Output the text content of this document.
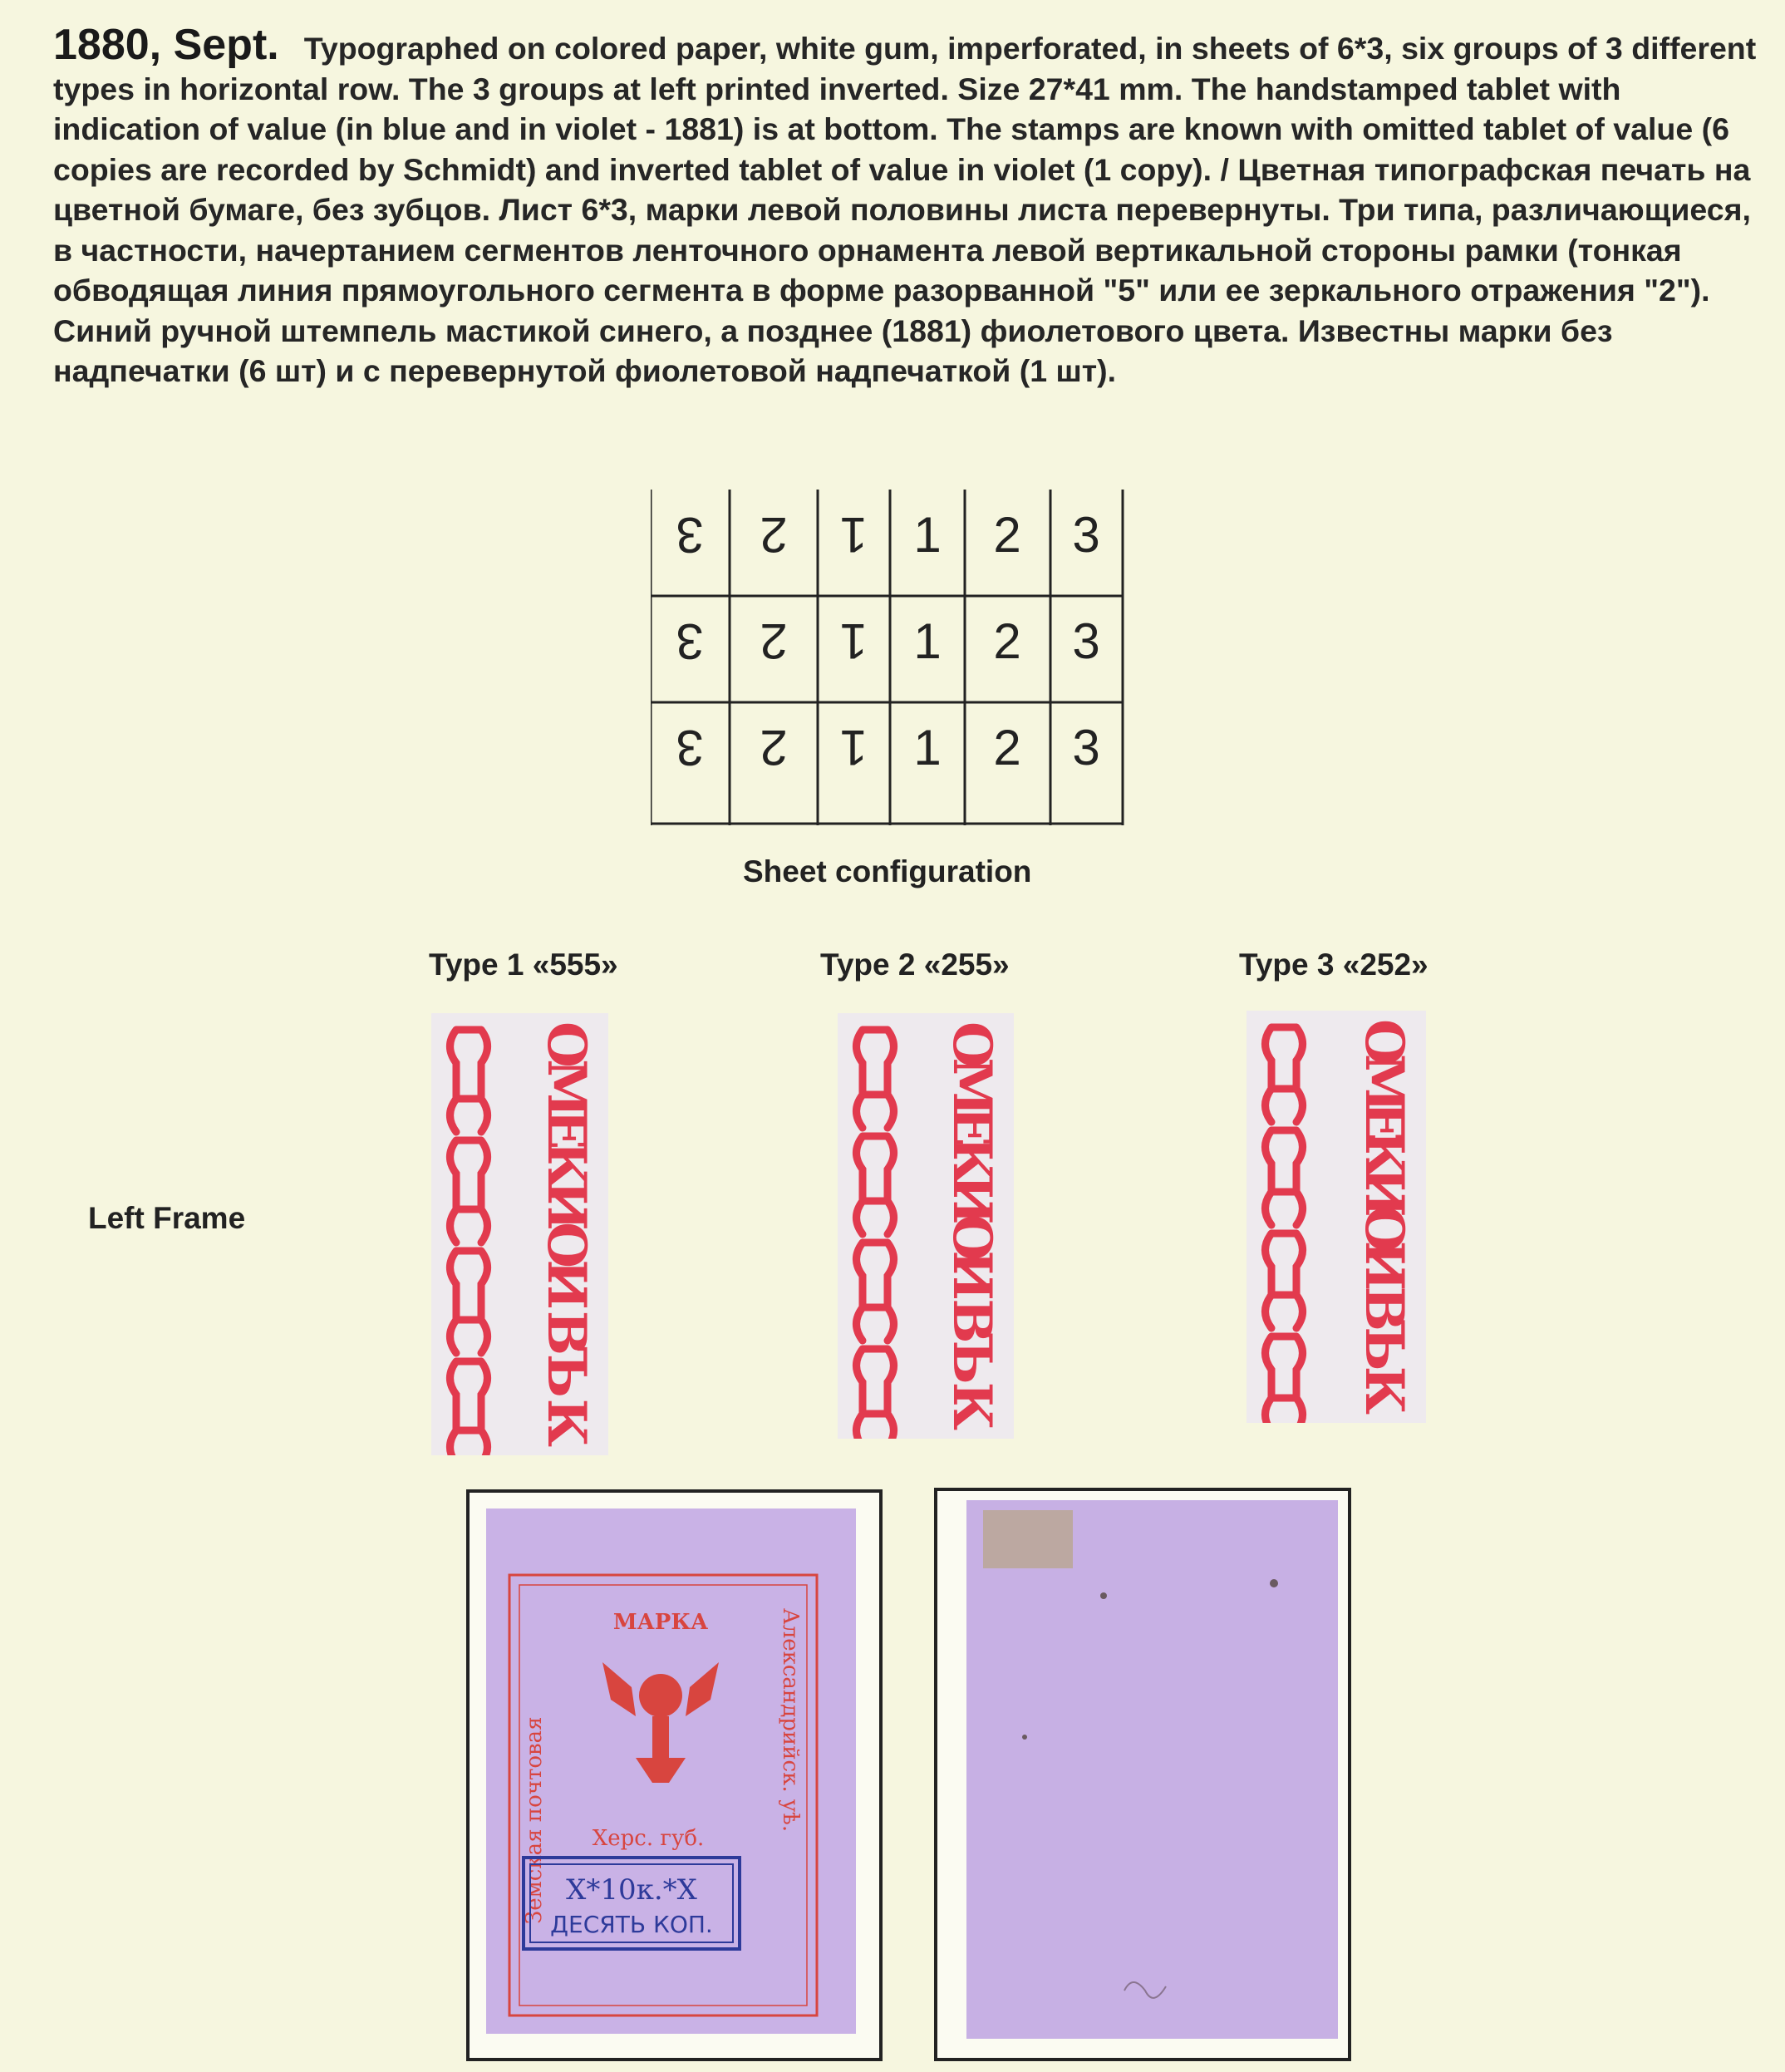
1880, Sept. Typographed on colored paper, white gum, imperforated, in sheets of 6*3, six groups of 3 different types in horizontal row. The 3 groups at left printed inverted. Size 27*41 mm. The handstamped tablet with indication of value (in blue and in violet - 1881) is at bottom. The stamps are known with omitted tablet of value (6 copies are recorded by Schmidt) and inverted tablet of value in violet (1 copy). / Цветная типографская печать на цветной бумаге, без зубцов. Лист 6*3, марки левой половины листа перевернуты. Три типа, различающиеся, в частности, начертанием сегментов ленточного орнамента левой вертикальной стороны рамки (тонкая обводящая линия прямоугольного сегмента в форме разорванной "5" или ее зеркального отражения "2"). Синий ручной штемпель мастикой синего, а позднее (1881) фиолетового цвета. Известны марки без надпечатки (6 шт) и с перевернутой фиолетовой надпечаткой (1 шт).
3 2 1 1 2 3
3 2 1 1 2 3
3 2 1 1 2 3
Sheet configuration
Type 1 «555»	Type 2 «255»	Type 3 «252»
Left Frame
ОМЕКИОИ ВЪ К
ОМЕКИОИ ВЪ К
ОМЕКИОИ ВЪ К
МАРКА
Земская почтовая	Александрийск. уѣ.
Херс. губ.
Х*10к.*Х
ДЕСЯТЬ КОП.
